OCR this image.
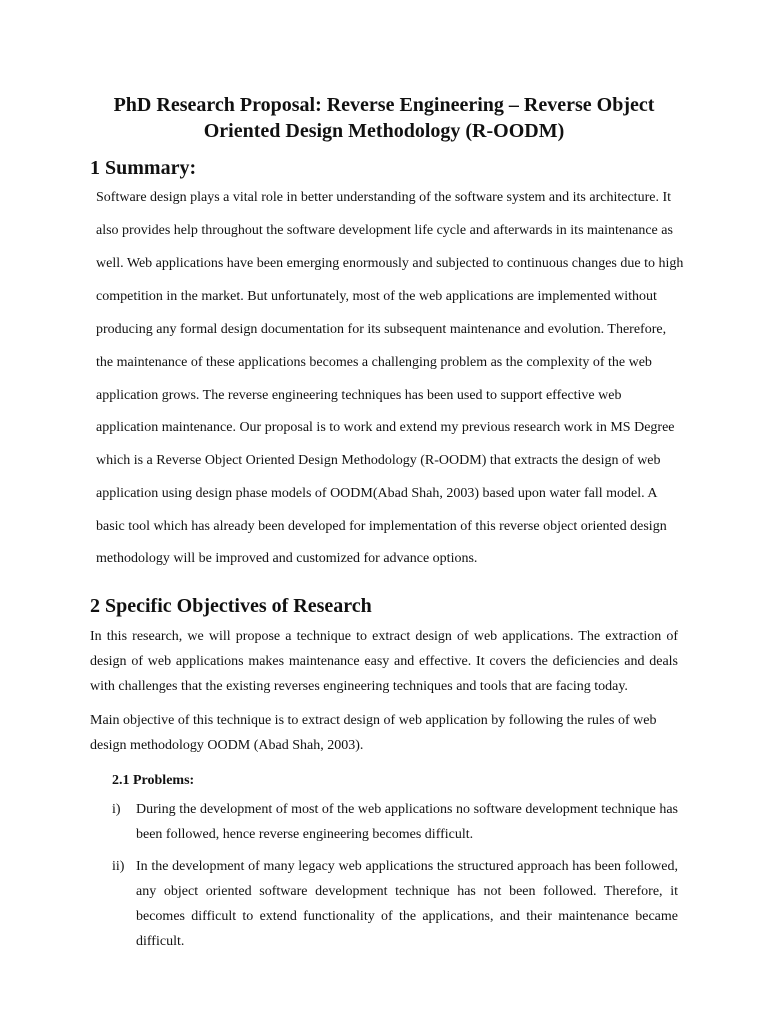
PhD Research Proposal: Reverse Engineering – Reverse Object
Oriented Design Methodology (R-OODM)
1 Summary:

Software design plays a vital role in better understanding of the software system and its architecture. It

also provides help throughout the software development life cycle and afterwards in its maintenance as

well. Web applications have been emerging enormously and subjected to continuous changes due to high

competition in the market. But unfortunately, most of the web applications are implemented without

producing any formal design documentation for its subsequent maintenance and evolution. Therefore,

the maintenance of these applications becomes a challenging problem as the complexity of the web

application grows. The reverse engineering techniques has been used to support effective web

application maintenance. Our proposal is to work and extend my previous research work in MS Degree

which is a Reverse Object Oriented Design Methodology (R-OODM) that extracts the design of web

application using design phase models of OODM(Abad Shah, 2003) based upon water fall model. A

basic tool which has already been developed for implementation of this reverse object oriented design

methodology will be improved and customized for advance options.

2 Specific Objectives of Research

In this research, we will propose a technique to extract design of web applications. The extraction of design of web applications makes maintenance easy and effective. It covers the deficiencies and deals with challenges that the existing reverses engineering techniques and tools that are facing today.

Main objective of this technique is to extract design of web application by following the rules of web design methodology OODM (Abad Shah, 2003).

2.1 Problems:
i) During the development of most of the web applications no software development technique has been followed, hence reverse engineering becomes difficult.
ii) In the development of many legacy web applications the structured approach has been followed, any object oriented software development technique has not been followed. Therefore, it becomes difficult to extend functionality of the applications, and their maintenance became difficult.
